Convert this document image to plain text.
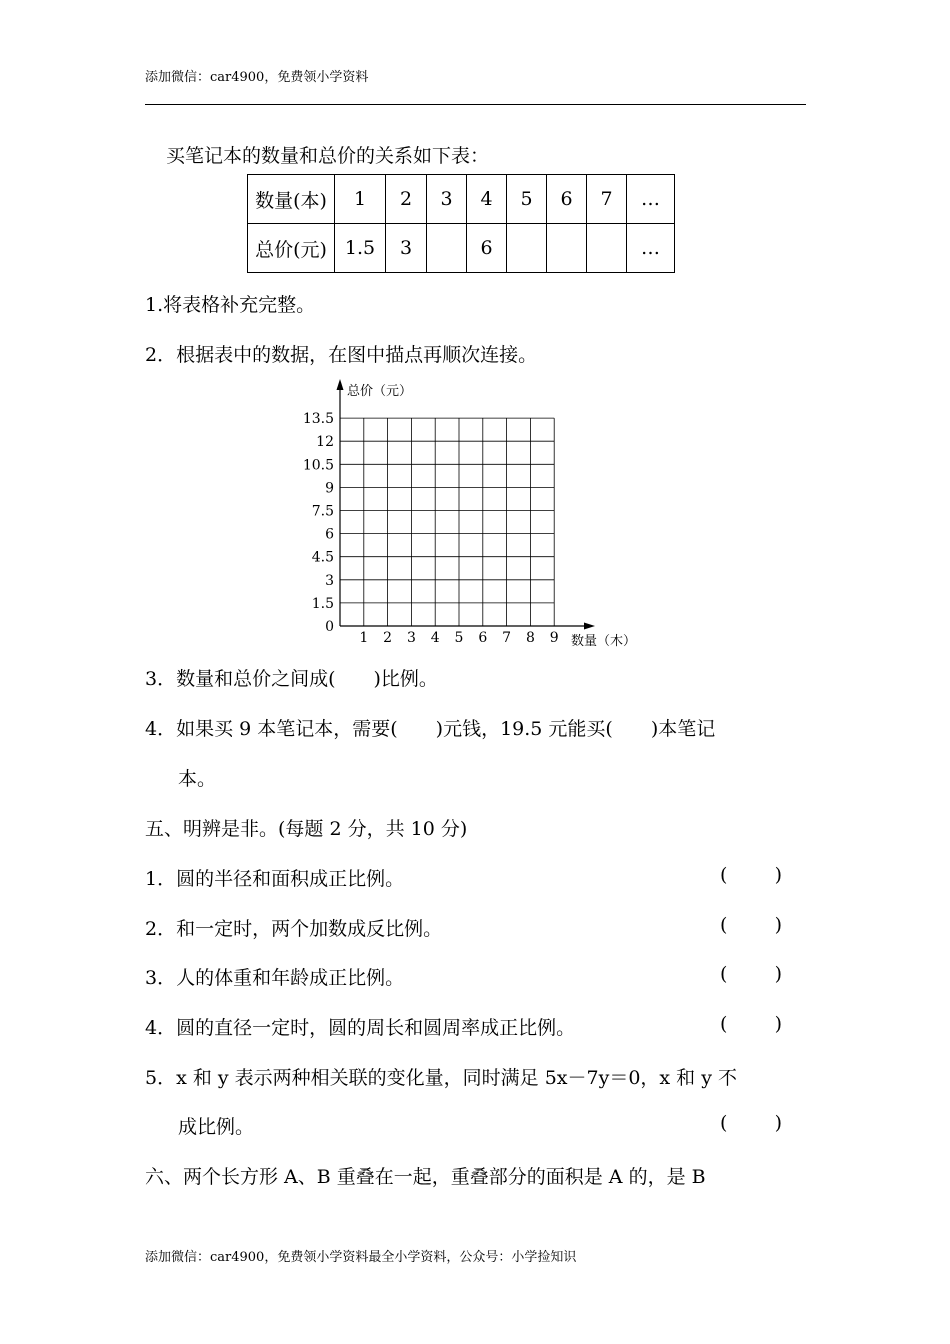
添加微信：car4900，免费领小学资料
买笔记本的数量和总价的关系如下表：
数量(本)	1	2	3	4	5	6	7	…
总价(元)	1.5	3		6				…
1.将表格补充完整。
2．根据表中的数据，在图中描点再顺次连接。
0
1.5
3
4.5
6
7.5
9
10.5
12
13.5
1 2 3 4 5 6 7 8 9
总价（元）
数量（木）
3．数量和总价之间成(　　)比例。
4．如果买 9 本笔记本，需要(　　)元钱，19.5 元能买(　　)本笔记
本。
五、明辨是非。(每题 2 分，共 10 分)
1．圆的半径和面积成正比例。	( )
2．和一定时，两个加数成反比例。	( )
3．人的体重和年龄成正比例。	( )
4．圆的直径一定时，圆的周长和圆周率成正比例。	( )
5．x 和 y 表示两种相关联的变化量，同时满足 5x－7y＝0，x 和 y 不
成比例。	( )
六、两个长方形 A、B 重叠在一起，重叠部分的面积是 A 的，是 B
添加微信：car4900，免费领小学资料最全小学资料，公众号：小学捡知识
